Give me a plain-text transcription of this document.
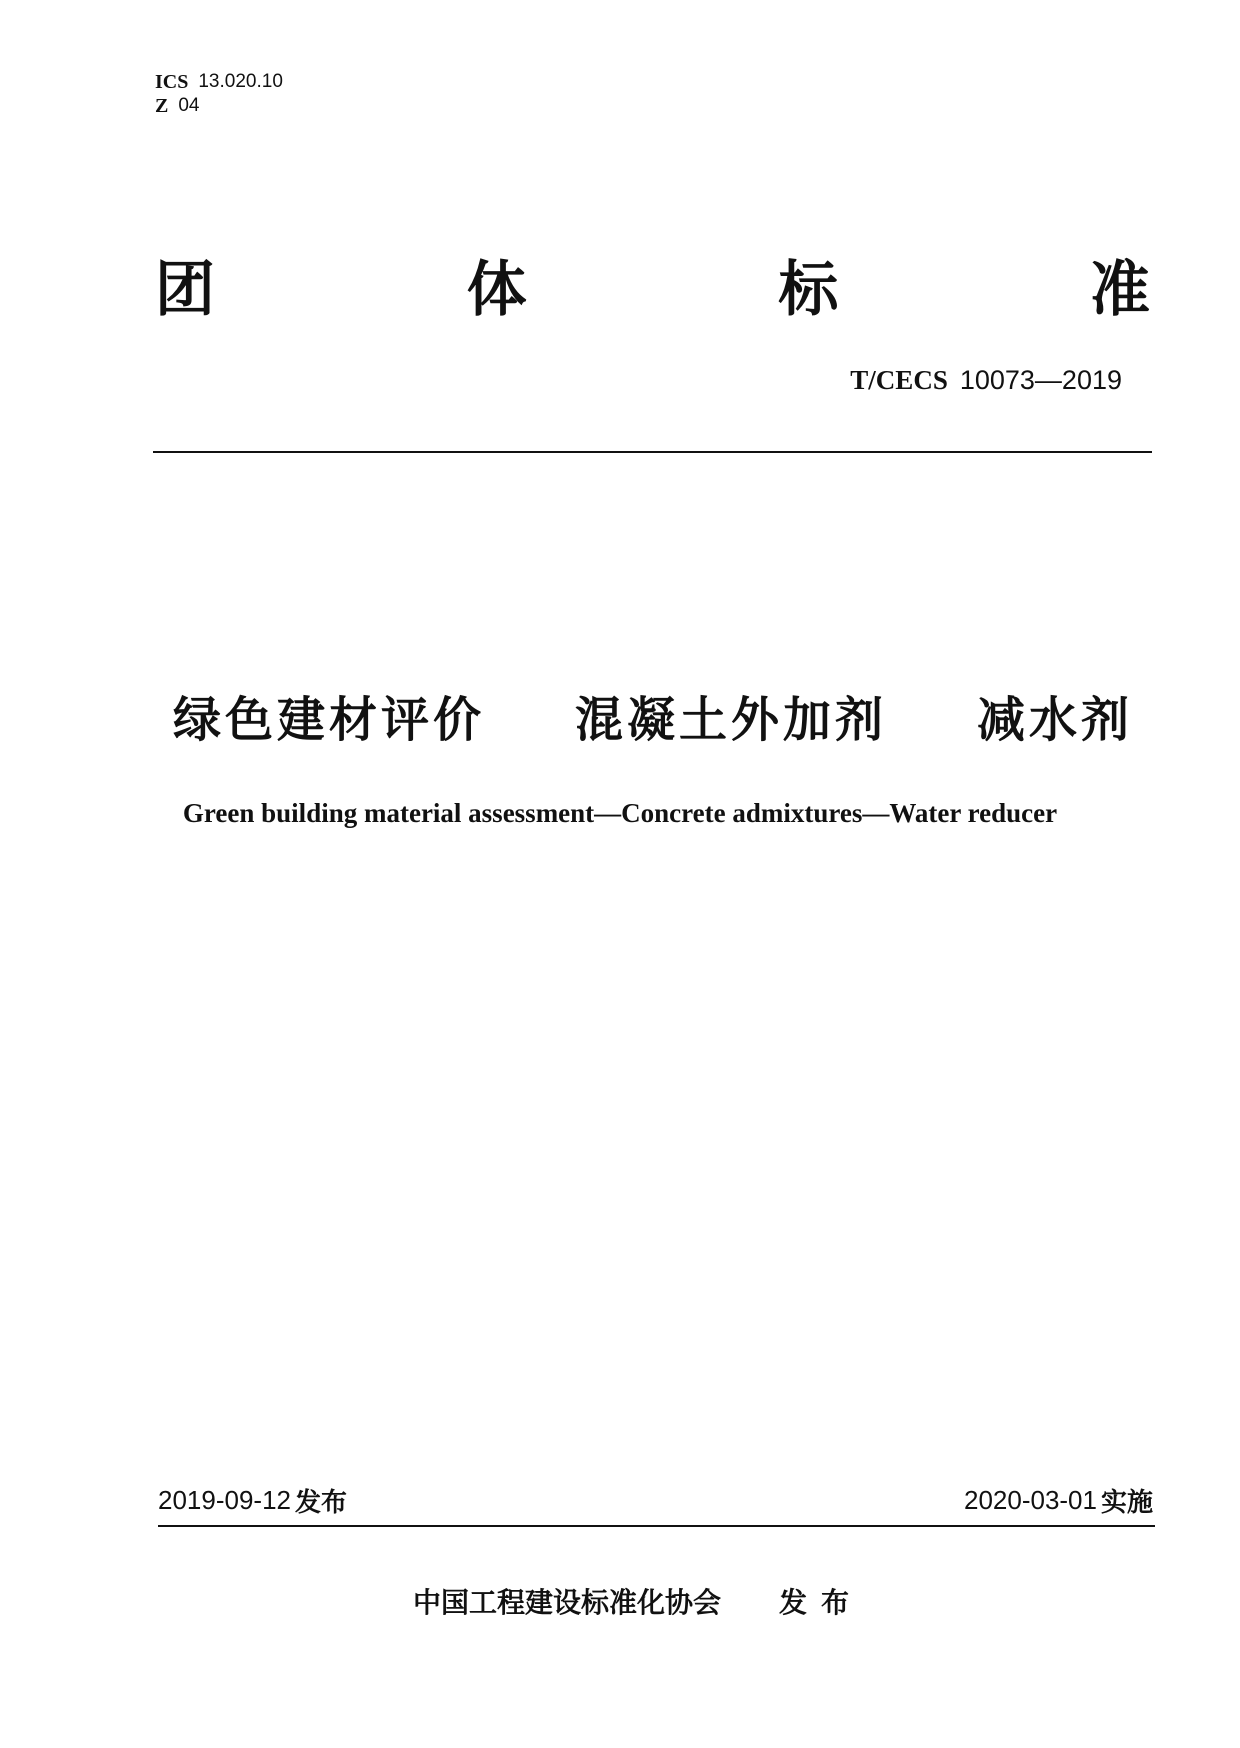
ICS 13.020.10
Z 04
团	体	标	准
T/CECS 10073—2019
绿色建材评价 混凝土外加剂 减水剂
Green building material assessment—Concrete admixtures—Water reducer
2019-09-12 发布	2020-03-01 实施
中国工程建设标准化协会 发布
